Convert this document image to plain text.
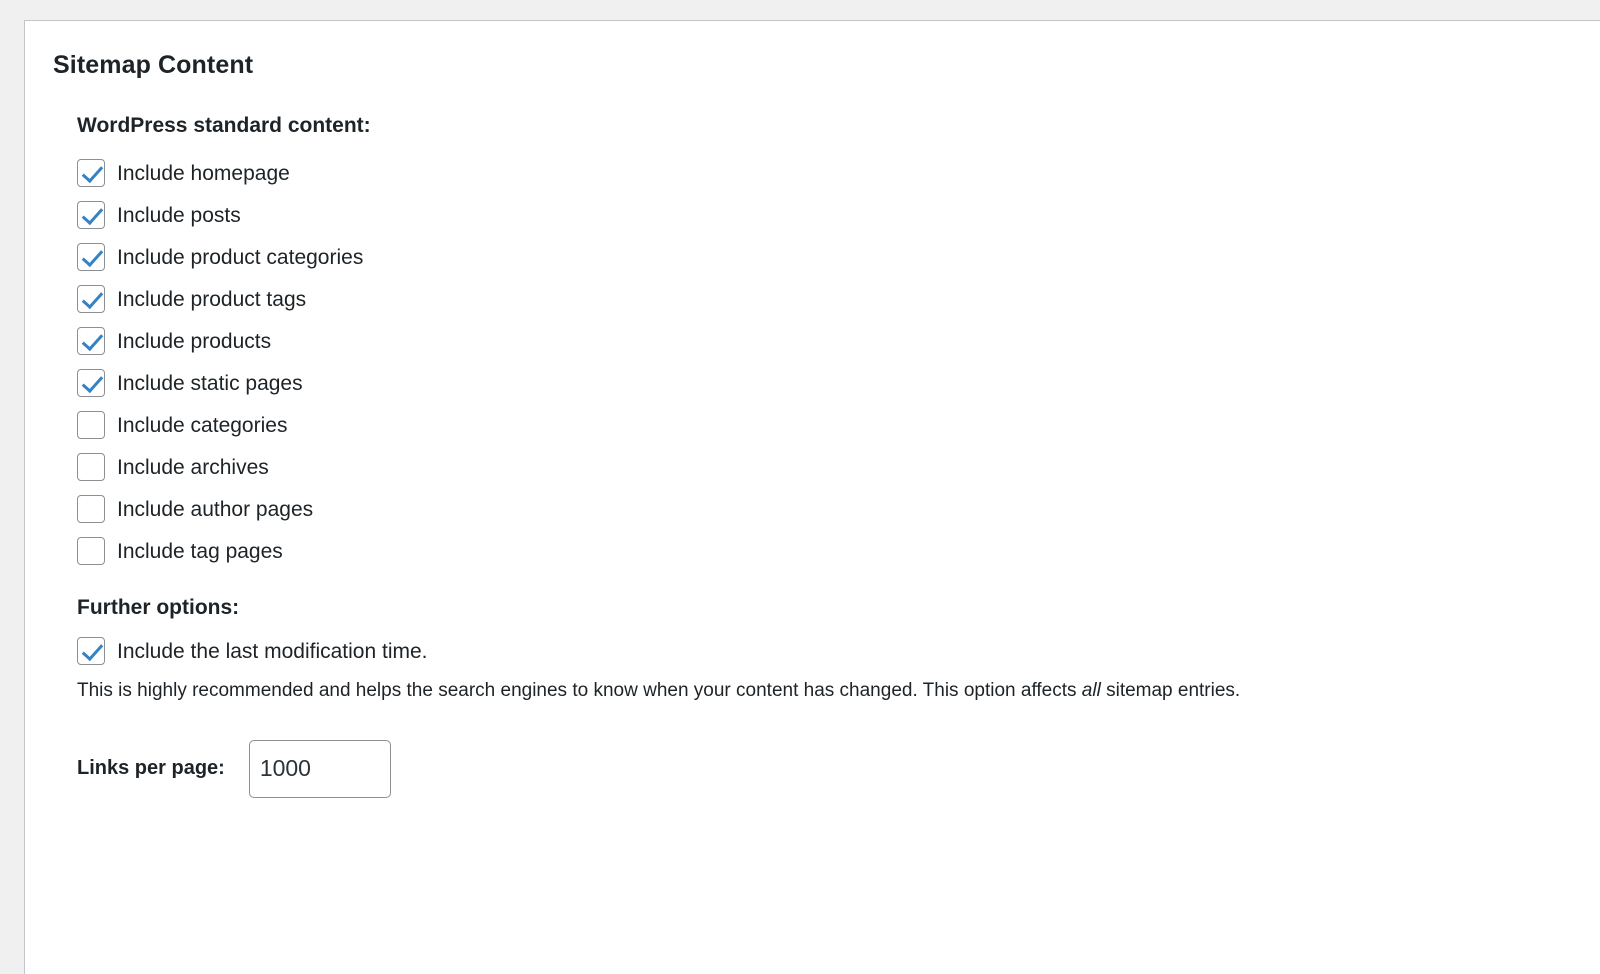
Sitemap Content
WordPress standard content:
Include homepage
Include posts
Include product categories
Include product tags
Include products
Include static pages
Include categories
Include archives
Include author pages
Include tag pages
Further options:
Include the last modification time.

This is highly recommended and helps the search engines to know when your content has changed. This option affects all sitemap entries.

Links per page:
1000
